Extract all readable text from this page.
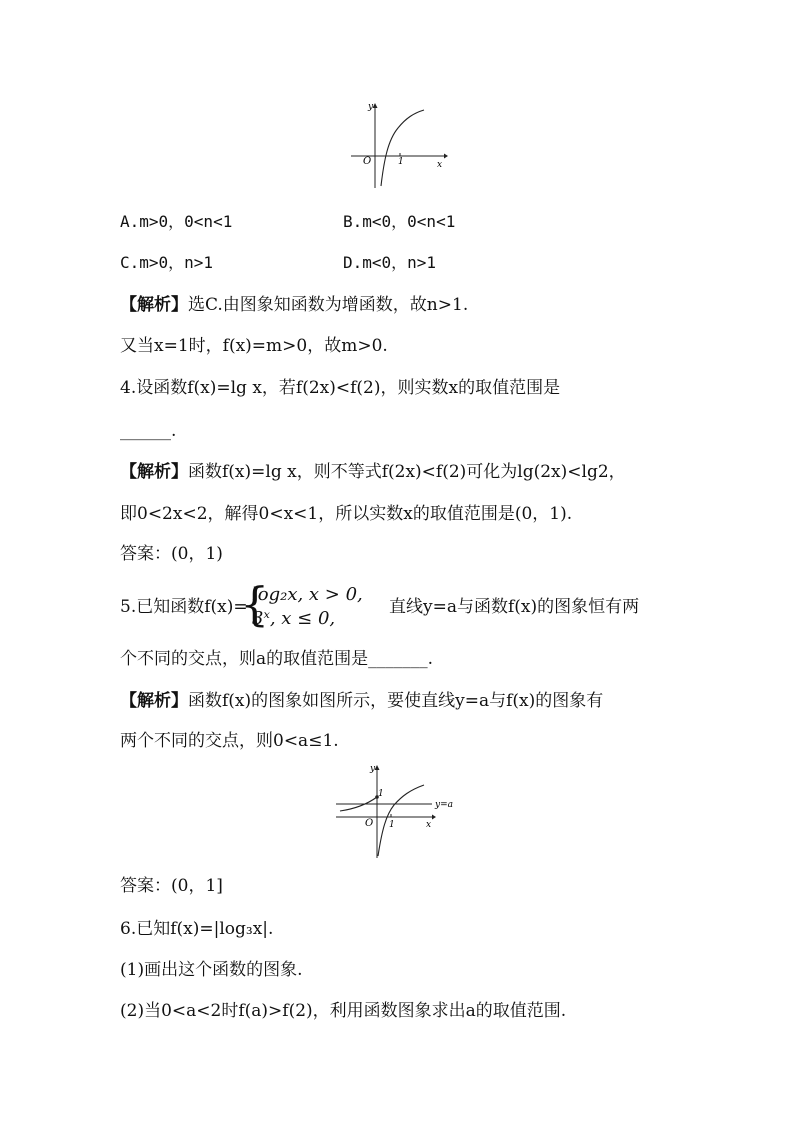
y
x
O	1
A.m>0，0<n<1	B.m<0，0<n<1
C.m>0，n>1	D.m<0，n>1
【解析】选C.由图象知函数为增函数，故n>1.
又当x=1时，f(x)=m>0，故m>0.
4.设函数f(x)=lg x，若f(2x)<f(2)，则实数x的取值范围是
______.
【解析】函数f(x)=lg x，则不等式f(2x)<f(2)可化为lg(2x)<lg2，
即0<2x<2，解得0<x<1，所以实数x的取值范围是(0，1).
答案：(0，1)
5.已知函数f(x)=
{
log₂x, x > 0,
3ˣ, x ≤ 0,
直线y=a与函数f(x)的图象恒有两
个不同的交点，则a的取值范围是_______.
【解析】函数f(x)的图象如图所示，要使直线y=a与f(x)的图象有
两个不同的交点，则0<a≤1.
y
x
O 1
1
y=a
答案：(0，1]
6.已知f(x)=|log₃x|.
(1)画出这个函数的图象.
(2)当0<a<2时f(a)>f(2)，利用函数图象求出a的取值范围.
